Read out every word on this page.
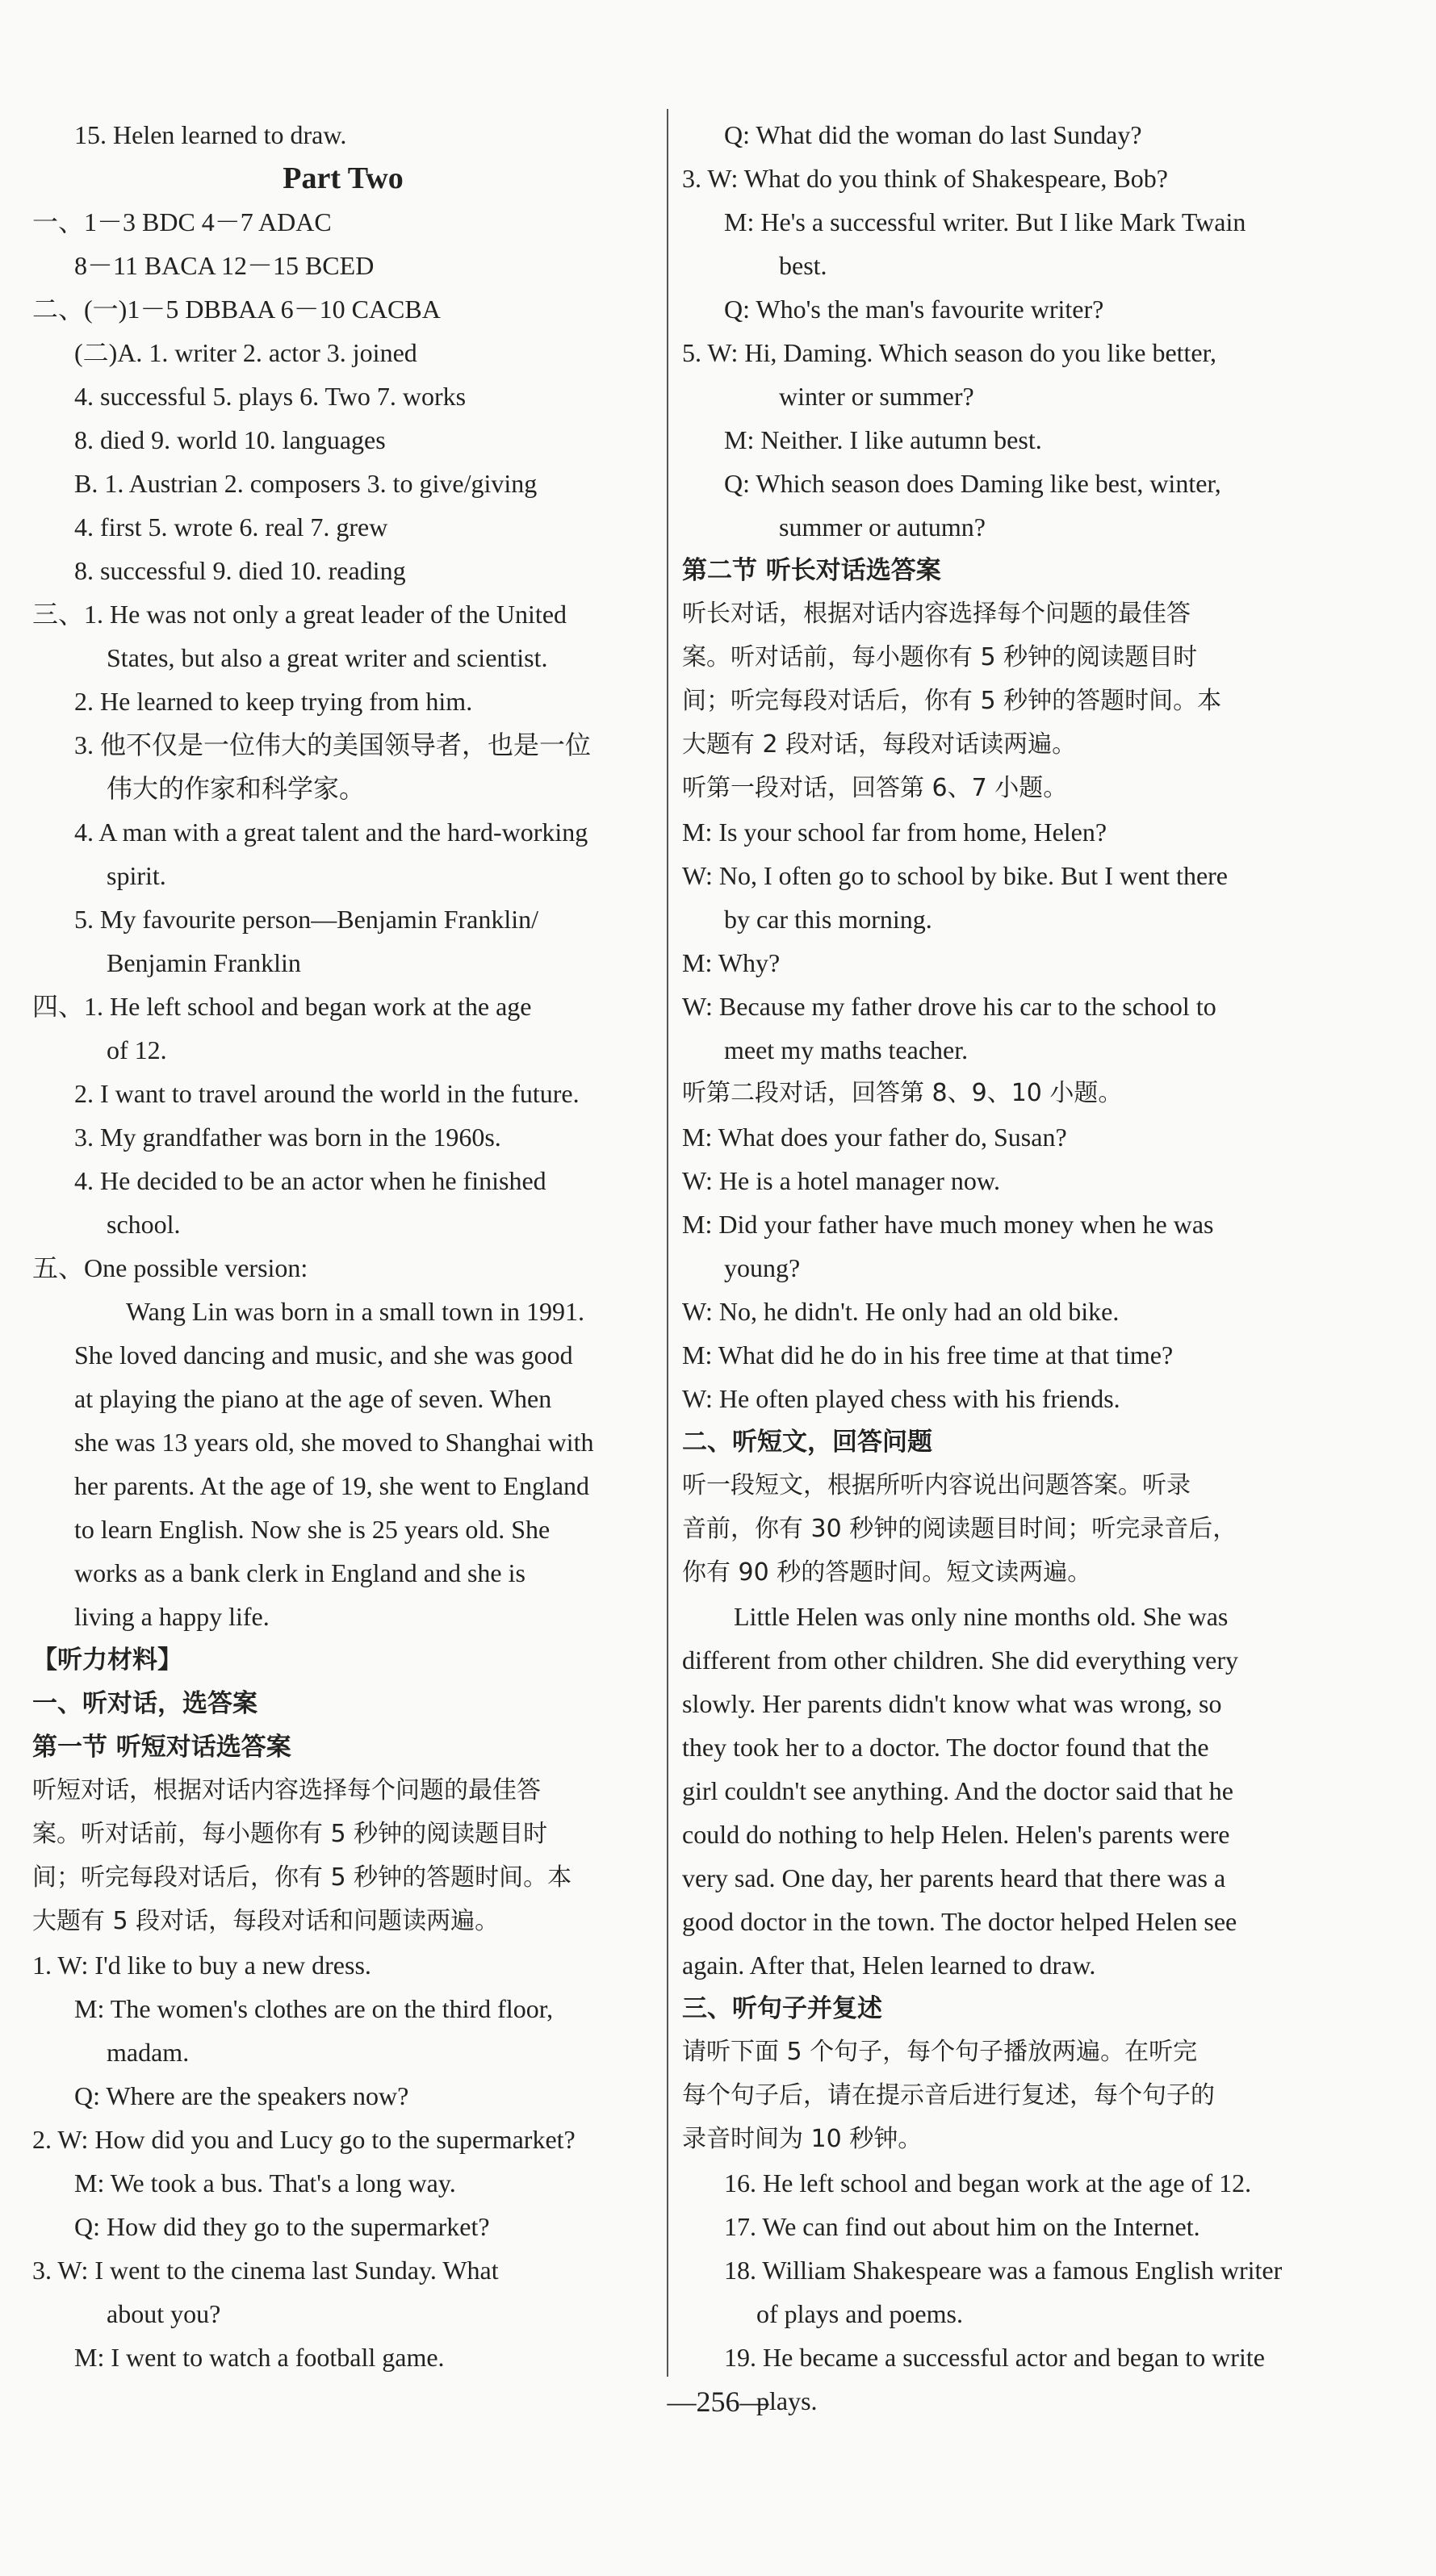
15. Helen learned to draw.
Part Two
一、1－3 BDC 4－7 ADAC
8－11 BACA 12－15 BCED
二、(一)1－5 DBBAA 6－10 CACBA
(二)A. 1. writer 2. actor 3. joined
4. successful 5. plays 6. Two 7. works
8. died 9. world 10. languages
B. 1. Austrian 2. composers 3. to give/giving
4. first 5. wrote 6. real 7. grew
8. successful 9. died 10. reading
三、1. He was not only a great leader of the United
States, but also a great writer and scientist.
2. He learned to keep trying from him.
3. 他不仅是一位伟大的美国领导者，也是一位
伟大的作家和科学家。
4. A man with a great talent and the hard-working
spirit.
5. My favourite person—Benjamin Franklin/
Benjamin Franklin
四、1. He left school and began work at the age
of 12.
2. I want to travel around the world in the future.
3. My grandfather was born in the 1960s.
4. He decided to be an actor when he finished
school.
五、One possible version:
Wang Lin was born in a small town in 1991.
She loved dancing and music, and she was good
at playing the piano at the age of seven. When
she was 13 years old, she moved to Shanghai with
her parents. At the age of 19, she went to England
to learn English. Now she is 25 years old. She
works as a bank clerk in England and she is
living a happy life.
【听力材料】
一、听对话，选答案
第一节 听短对话选答案
听短对话，根据对话内容选择每个问题的最佳答
案。听对话前，每小题你有 5 秒钟的阅读题目时
间；听完每段对话后，你有 5 秒钟的答题时间。本
大题有 5 段对话，每段对话和问题读两遍。
1. W: I'd like to buy a new dress.
M: The women's clothes are on the third floor,
madam.
Q: Where are the speakers now?
2. W: How did you and Lucy go to the supermarket?
M: We took a bus. That's a long way.
Q: How did they go to the supermarket?
3. W: I went to the cinema last Sunday. What
about you?
M: I went to watch a football game.
Q: What did the woman do last Sunday?
3. W: What do you think of Shakespeare, Bob?
M: He's a successful writer. But I like Mark Twain
best.
Q: Who's the man's favourite writer?
5. W: Hi, Daming. Which season do you like better,
winter or summer?
M: Neither. I like autumn best.
Q: Which season does Daming like best, winter,
summer or autumn?
第二节 听长对话选答案
听长对话，根据对话内容选择每个问题的最佳答
案。听对话前，每小题你有 5 秒钟的阅读题目时
间；听完每段对话后，你有 5 秒钟的答题时间。本
大题有 2 段对话，每段对话读两遍。
听第一段对话，回答第 6、7 小题。
M: Is your school far from home, Helen?
W: No, I often go to school by bike. But I went there
by car this morning.
M: Why?
W: Because my father drove his car to the school to
meet my maths teacher.
听第二段对话，回答第 8、9、10 小题。
M: What does your father do, Susan?
W: He is a hotel manager now.
M: Did your father have much money when he was
young?
W: No, he didn't. He only had an old bike.
M: What did he do in his free time at that time?
W: He often played chess with his friends.
二、听短文，回答问题
听一段短文，根据所听内容说出问题答案。听录
音前，你有 30 秒钟的阅读题目时间；听完录音后，
你有 90 秒的答题时间。短文读两遍。
Little Helen was only nine months old. She was
different from other children. She did everything very
slowly. Her parents didn't know what was wrong, so
they took her to a doctor. The doctor found that the
girl couldn't see anything. And the doctor said that he
could do nothing to help Helen. Helen's parents were
very sad. One day, her parents heard that there was a
good doctor in the town. The doctor helped Helen see
again. After that, Helen learned to draw.
三、听句子并复述
请听下面 5 个句子，每个句子播放两遍。在听完
每个句子后，请在提示音后进行复述，每个句子的
录音时间为 10 秒钟。
16. He left school and began work at the age of 12.
17. We can find out about him on the Internet.
18. William Shakespeare was a famous English writer
of plays and poems.
19. He became a successful actor and began to write
plays.
—256—
